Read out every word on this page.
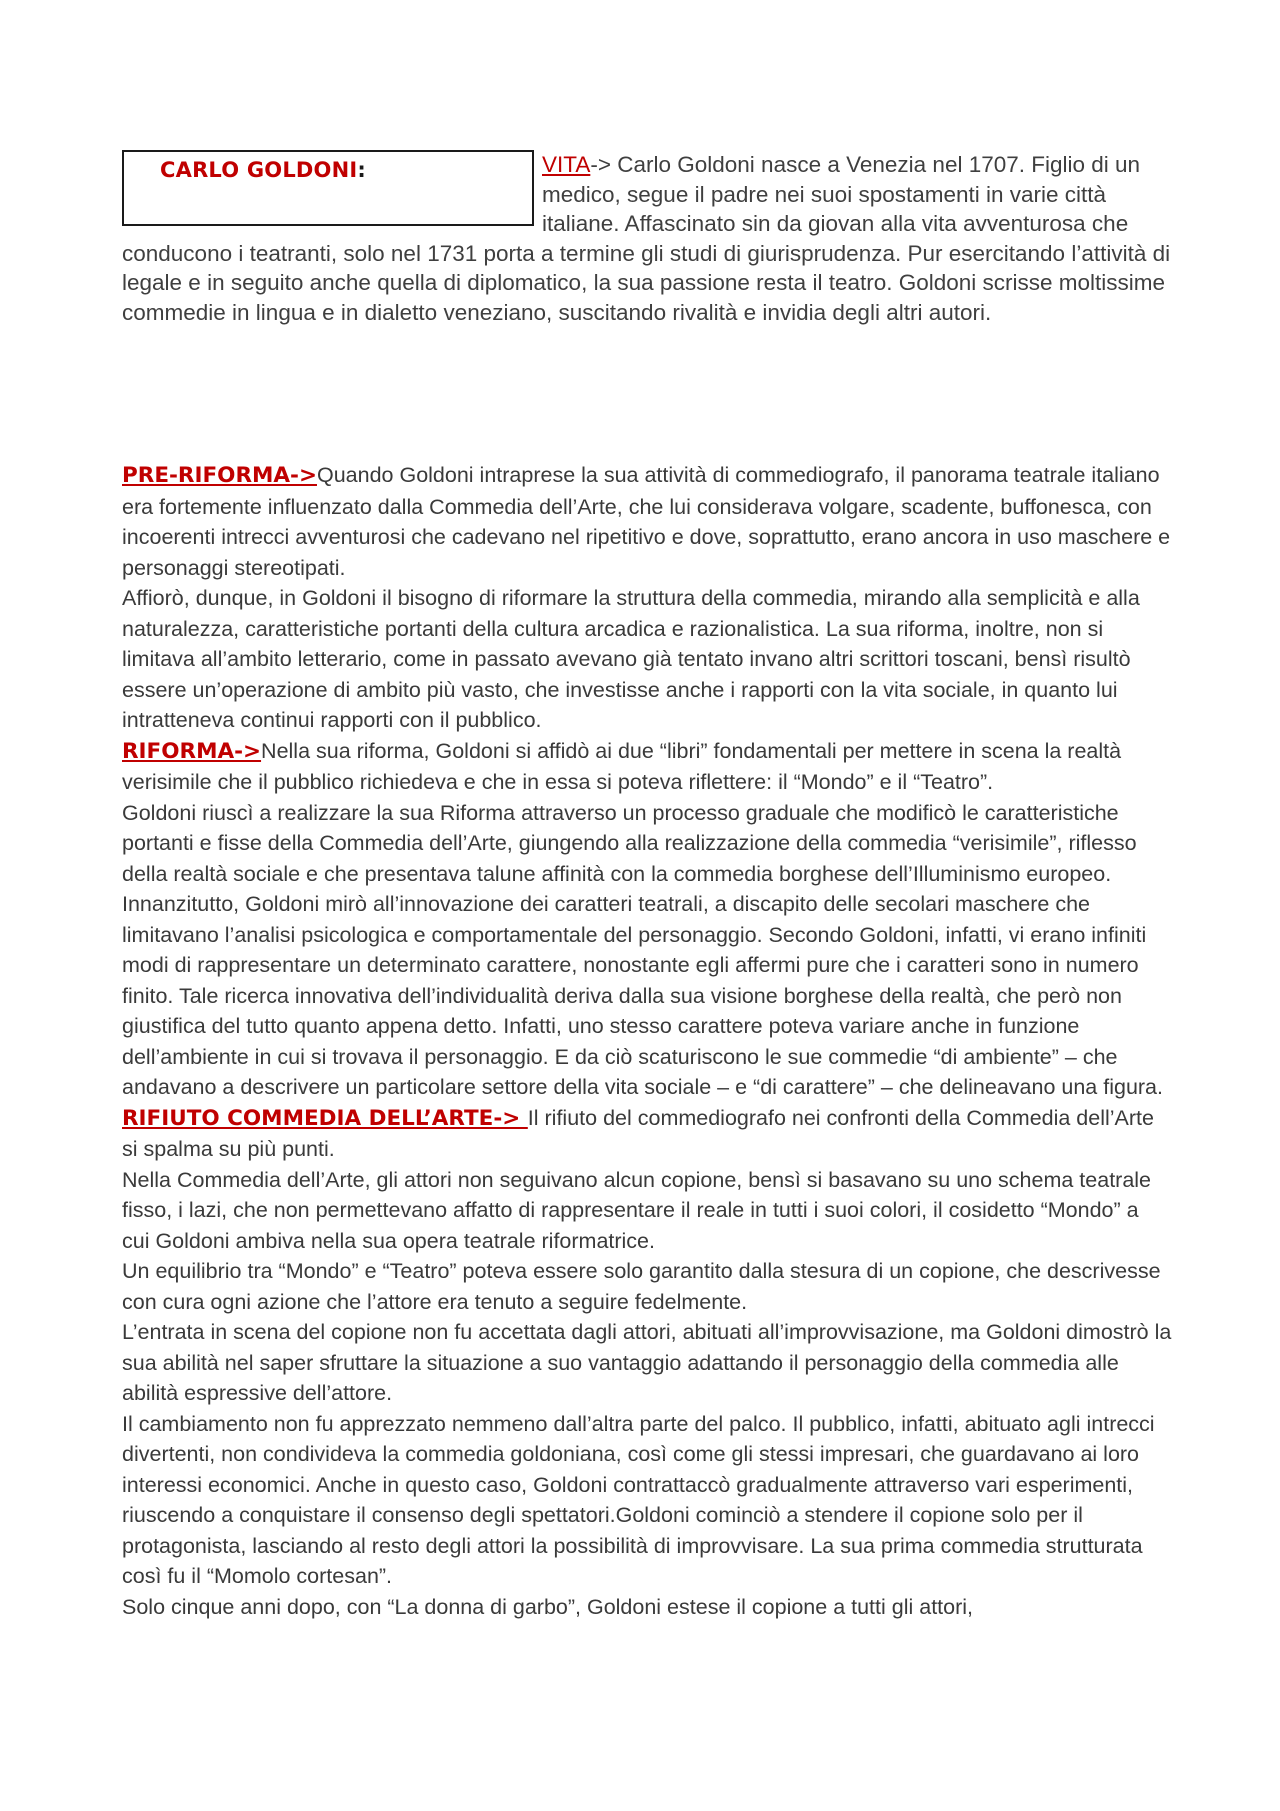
CARLO GOLDONI:	VITA-> Carlo Goldoni nasce a Venezia nel 1707. Figlio di un medico, segue il padre nei suoi spostamenti in varie città italiane. Affascinato sin da giovan alla vita avventurosa che conducono i teatranti, solo nel 1731 porta a termine gli studi di giurisprudenza. Pur esercitando l’attività di legale e in seguito anche quella di diplomatico, la sua passione resta il teatro. Goldoni scrisse moltissime commedie in lingua e in dialetto veneziano, suscitando rivalità e invidia degli altri autori.

PRE-RIFORMA->Quando Goldoni intraprese la sua attività di commediografo, il panorama teatrale italiano era fortemente influenzato dalla Commedia dell’Arte, che lui considerava volgare, scadente, buffonesca, con incoerenti intrecci avventurosi che cadevano nel ripetitivo e dove, soprattutto, erano ancora in uso maschere e personaggi stereotipati.

Affiorò, dunque, in Goldoni il bisogno di riformare la struttura della commedia, mirando alla semplicità e alla naturalezza, caratteristiche portanti della cultura arcadica e razionalistica. La sua riforma, inoltre, non si limitava all’ambito letterario, come in passato avevano già tentato invano altri scrittori toscani, bensì risultò essere un’operazione di ambito più vasto, che investisse anche i rapporti con la vita sociale, in quanto lui intratteneva continui rapporti con il pubblico.

RIFORMA->Nella sua riforma, Goldoni si affidò ai due “libri” fondamentali per mettere in scena la realtà verisimile che il pubblico richiedeva e che in essa si poteva riflettere: il “Mondo” e il “Teatro”.

Goldoni riuscì a realizzare la sua Riforma attraverso un processo graduale che modificò le caratteristiche portanti e fisse della Commedia dell’Arte, giungendo alla realizzazione della commedia “verisimile”, riflesso della realtà sociale e che presentava talune affinità con la commedia borghese dell’Illuminismo europeo.

Innanzitutto, Goldoni mirò all’innovazione dei caratteri teatrali, a discapito delle secolari maschere che limitavano l’analisi psicologica e comportamentale del personaggio. Secondo Goldoni, infatti, vi erano infiniti modi di rappresentare un determinato carattere, nonostante egli affermi pure che i caratteri sono in numero finito. Tale ricerca innovativa dell’individualità deriva dalla sua visione borghese della realtà, che però non giustifica del tutto quanto appena detto. Infatti, uno stesso carattere poteva variare anche in funzione dell’ambiente in cui si trovava il personaggio. E da ciò scaturiscono le sue commedie “di ambiente” – che andavano a descrivere un particolare settore della vita sociale – e “di carattere” – che delineavano una figura.

RIFIUTO COMMEDIA DELL’ARTE-> Il rifiuto del commediografo nei confronti della Commedia dell’Arte si spalma su più punti.

Nella Commedia dell’Arte, gli attori non seguivano alcun copione, bensì si basavano su uno schema teatrale fisso, i lazi, che non permettevano affatto di rappresentare il reale in tutti i suoi colori, il cosidetto “Mondo” a cui Goldoni ambiva nella sua opera teatrale riformatrice.

Un equilibrio tra “Mondo” e “Teatro” poteva essere solo garantito dalla stesura di un copione, che descrivesse con cura ogni azione che l’attore era tenuto a seguire fedelmente.

L’entrata in scena del copione non fu accettata dagli attori, abituati all’improvvisazione, ma Goldoni dimostrò la sua abilità nel saper sfruttare la situazione a suo vantaggio adattando il personaggio della commedia alle abilità espressive dell’attore.

Il cambiamento non fu apprezzato nemmeno dall’altra parte del palco. Il pubblico, infatti, abituato agli intrecci divertenti, non condivideva la commedia goldoniana, così come gli stessi impresari, che guardavano ai loro interessi economici. Anche in questo caso, Goldoni contrattaccò gradualmente attraverso vari esperimenti, riuscendo a conquistare il consenso degli spettatori.Goldoni cominciò a stendere il copione solo per il protagonista, lasciando al resto degli attori la possibilità di improvvisare. La sua prima commedia strutturata così fu il “Momolo cortesan”.

Solo cinque anni dopo, con “La donna di garbo”, Goldoni estese il copione a tutti gli attori,
